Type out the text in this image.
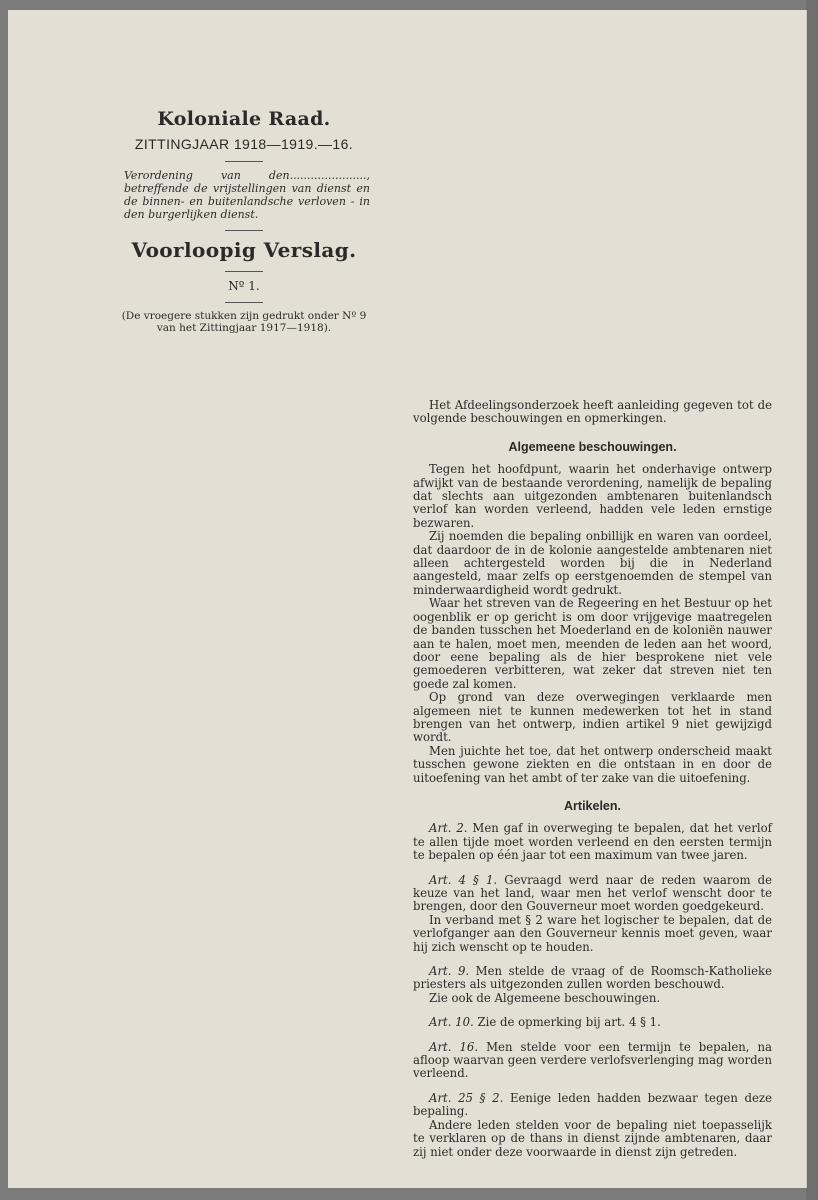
Koloniale Raad.
ZITTINGJAAR 1918—1919.—16.

Verordening van den......................, betreffende de vrijstellingen van dienst en de binnen- en buitenlandsche verloven - in den burgerlijken dienst.

Voorloopig Verslag.
Nº 1.
(De vroegere stukken zijn gedrukt onder Nº 9 van het Zittingjaar 1917—1918).

Het Afdeelingsonderzoek heeft aanleiding gegeven tot de volgende beschouwingen en opmerkingen.

Algemeene beschouwingen.

Tegen het hoofdpunt, waarin het onderhavige ontwerp afwijkt van de bestaande verordening, namelijk de bepaling dat slechts aan uitgezonden ambtenaren buitenlandsch verlof kan worden verleend, hadden vele leden ernstige bezwaren.

Zij noemden die bepaling onbillijk en waren van oordeel, dat daardoor de in de kolonie aangestelde ambtenaren niet alleen achtergesteld worden bij die in Nederland aangesteld, maar zelfs op eerstgenoemden de stempel van minderwaardigheid wordt gedrukt.

Waar het streven van de Regeering en het Bestuur op het oogenblik er op gericht is om door vrijgevige maatregelen de banden tusschen het Moederland en de koloniën nauwer aan te halen, moet men, meenden de leden aan het woord, door eene bepaling als de hier besprokene niet vele gemoederen verbitteren, wat zeker dat streven niet ten goede zal komen.

Op grond van deze overwegingen verklaarde men algemeen niet te kunnen medewerken tot het in stand brengen van het ontwerp, indien artikel 9 niet gewijzigd wordt.

Men juichte het toe, dat het ontwerp onderscheid maakt tusschen gewone ziekten en die ontstaan in en door de uitoefening van het ambt of ter zake van die uitoefening.

Artikelen.

Art. 2. Men gaf in overweging te bepalen, dat het verlof te allen tijde moet worden verleend en den eersten termijn te bepalen op één jaar tot een maximum van twee jaren.

Art. 4 § 1. Gevraagd werd naar de reden waarom de keuze van het land, waar men het verlof wenscht door te brengen, door den Gouverneur moet worden goedgekeurd.

In verband met § 2 ware het logischer te bepalen, dat de verlofganger aan den Gouverneur kennis moet geven, waar hij zich wenscht op te houden.

Art. 9. Men stelde de vraag of de Roomsch-Katholieke priesters als uitgezonden zullen worden beschouwd.

Zie ook de Algemeene beschouwingen.

Art. 10. Zie de opmerking bij art. 4 § 1.

Art. 16. Men stelde voor een termijn te bepalen, na afloop waarvan geen verdere verlofsverlenging mag worden verleend.

Art. 25 § 2. Eenige leden hadden bezwaar tegen deze bepaling.

Andere leden stelden voor de bepaling niet toepasselijk te verklaren op de thans in dienst zijnde ambtenaren, daar zij niet onder deze voorwaarde in dienst zijn getreden.
